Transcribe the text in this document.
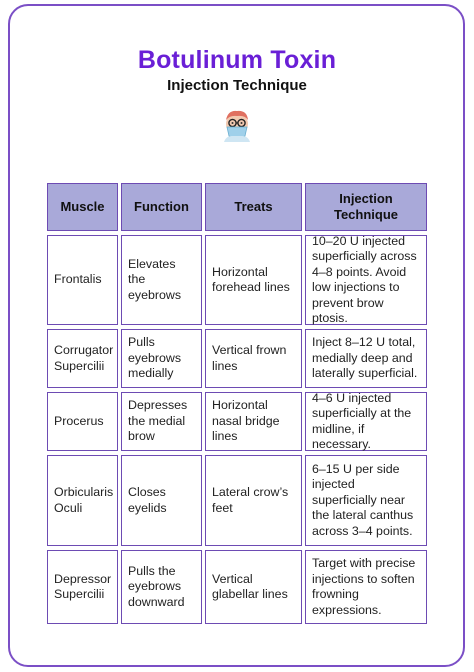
Botulinum Toxin
Injection Technique
Muscle	Function	Treats
Injection Technique
Frontalis
Elevates the eyebrows
Horizontal forehead lines
10–20 U injected superficially across 4–8 points. Avoid low injections to prevent brow ptosis.
Corrugator Supercilii
Pulls eyebrows medially
Vertical frown lines
Inject 8–12 U total, medially deep and laterally superficial.
Procerus
Depresses the medial brow
Horizontal nasal bridge lines
4–6 U injected superficially at the midline, if necessary.
Orbicularis Oculi
Closes eyelids
Lateral crow’s feet
6–15 U per side injected superficially near the lateral canthus across 3–4 points.
Depressor Supercilii
Pulls the eyebrows downward
Vertical glabellar lines
Target with precise injections to soften frowning expressions.
